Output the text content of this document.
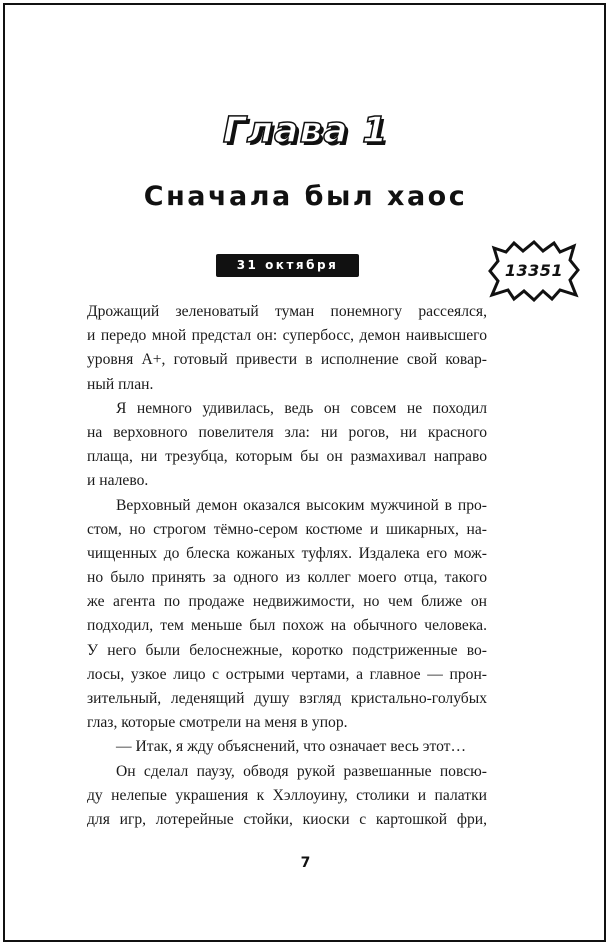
Глава 1
Сначала был хаос
31 октября	13351
Дрожащий зеленоватый туман понемногу рассеялся,
и передо мной предстал он: супербосс, демон наивысшего
уровня А+, готовый привести в исполнение свой ковар-
ный план.
Я немного удивилась, ведь он совсем не походил
на верховного повелителя зла: ни рогов, ни красного
плаща, ни трезубца, которым бы он размахивал направо
и налево.
Верховный демон оказался высоким мужчиной в про-
стом, но строгом тёмно-сером костюме и шикарных, на-
чищенных до блеска кожаных туфлях. Издалека его мож-
но было принять за одного из коллег моего отца, такого
же агента по продаже недвижимости, но чем ближе он
подходил, тем меньше был похож на обычного человека.
У него были белоснежные, коротко подстриженные во-
лосы, узкое лицо с острыми чертами, а главное — прон-
зительный, леденящий душу взгляд кристально-голубых
глаз, которые смотрели на меня в упор.
— Итак, я жду объяснений, что означает весь этот…
Он сделал паузу, обводя рукой развешанные повсю-
ду нелепые украшения к Хэллоуину, столики и палатки
для игр, лотерейные стойки, киоски с картошкой фри,
7
